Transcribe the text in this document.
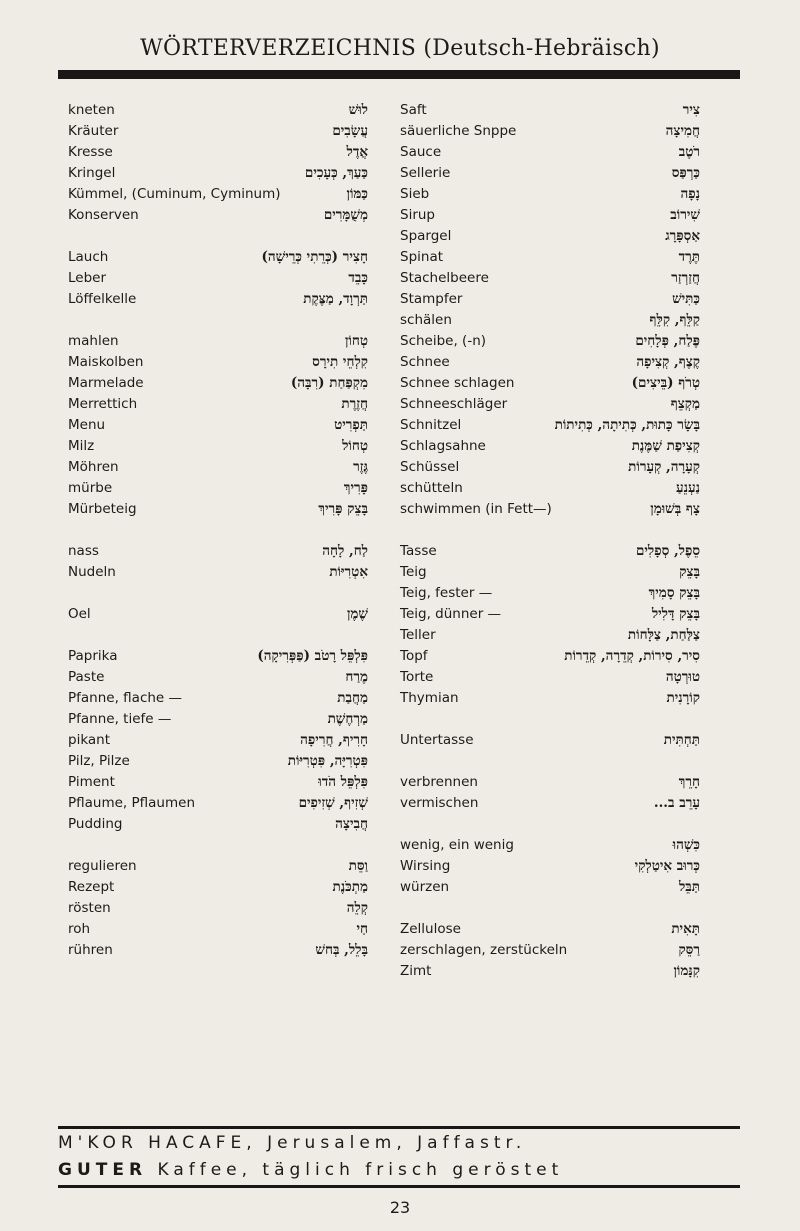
WÖRTERVERZEICHNIS (Deutsch-Hebräisch)
kneten	לוּשׁ
Kräuter	עֲשָׂבִים
Kresse	אֲדֶל
Kringel	כַּעַךְ, כְּעָכִים
Kümmel, (Cuminum, Cyminum)	כַּמּוֹן
Konserven	מְשֻׁמָּרִים
Lauch	חָצִיר (כְּרֵתִי כְּרֵישָׁה)
Leber	כָּבֵד
Löffelkelle	תַּרְוָד, מַצֶּקֶת
mahlen	טְחוֹן
Maiskolben	קִלְחֵי תִירָס
Marmelade	מִקְפַּחַת (רִבָּה)
Merrettich	חֲזֶרֶת
Menu	תַּפְרִיט
Milz	טְחוֹל
Möhren	גֶּזֶר
mürbe	פָּרִיךְ
Mürbeteig	בָּצֵק פָּרִיךְ
nass	לַח, לָחָה
Nudeln	אִטְרִיּוֹת
Oel	שֶׁמֶן
Paprika	פִּלְפֵּל רָטֹב (פַּפְּרִיקָה)
Paste	מֶרַח
Pfanne, flache —	מַחֲבַת
Pfanne, tiefe —	מַרְחֶשֶׁת
pikant	חָרִיף, חֲרִיפָה
Pilz, Pilze	פִּטְרִיָּה, פִּטְרִיּוֹת
Piment	פִּלְפֵּל הֹדוּ
Pflaume, Pflaumen	שְׁזִיף, שְׁזִיפִים
Pudding	חֲבִיצָה
regulieren	וַסֵּת
Rezept	מַתְכֹּנֶת
rösten	קְלֵה
roh	חַי
rühren	בָּלֵל, בְּחשׁ
Saft	צִיר
säuerliche Snppe	חֲמִיצָה
Sauce	רֹטֶב
Sellerie	כַּרְפַּס
Sieb	נָפָה
Sirup	שִׁירוֹב
Spargel	אַסְפָּרָג
Spinat	תֶּרֶד
Stachelbeere	חֲזַרְזַר
Stampfer	כַּתִּישׁ
schälen	קַלֵּף, קִלֵּף
Scheibe, (-n)	פֶּלַח, פְּלָחִים
Schnee	קֶצֶף, קְצִיפָה
Schnee schlagen	טְרֹף (בֵּיצִים)
Schneeschläger	מַקְצֵף
Schnitzel	בָּשָׂר כָּתוּת, כְּתִיתָה, כְּתִיתוֹת
Schlagsahne	קְצִיפַת שַׁמֶּנֶת
Schüssel	קְעָרָה, קְעָרוֹת
schütteln	נַעְנֵעַ
schwimmen (in Fett—)	צָף בְּשׁוּמָן
Tasse	סֵפֶל, סְפָלִים
Teig	בָּצֵק
Teig, fester —	בָּצֵק סָמִיךְ
Teig, dünner —	בָּצֵק דָּלִיל
Teller	צַלַּחַת, צַלָּחוֹת
Topf	סִיר, סִירוֹת, קְדֵרָה, קְדֵרוֹת
Torte	טוּרְטָה
Thymian	קוֹרָנִית
Untertasse	תַּחְתִּית
verbrennen	חָרֵךְ
vermischen	עָרֵב ב...
wenig, ein wenig	כִּשְׁהוּ
Wirsing	כְּרוּב אִיטַלְקִי
würzen	תַּבֵּל
Zellulose	תָּאִית
zerschlagen, zerstückeln	רַסֵּק
Zimt	קִנָּמוֹן
M'KOR HACAFE, Jerusalem, Jaffastr.
GUTER Kaffee, täglich frisch geröstet
23
